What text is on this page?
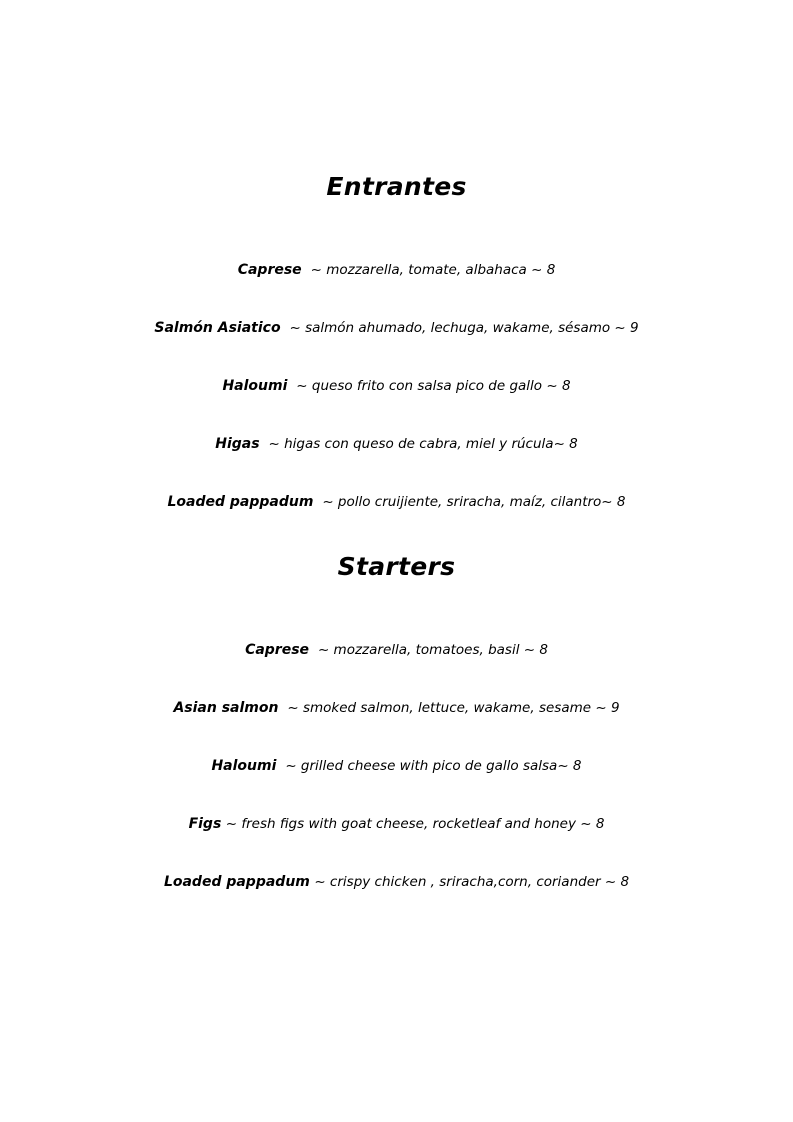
Entrantes

Caprese ~ mozzarella, tomate, albahaca ~ 8

Salmón Asiatico ~ salmón ahumado, lechuga, wakame, sésamo ~ 9

Haloumi ~ queso frito con salsa pico de gallo ~ 8

Higas ~ higas con queso de cabra, miel y rúcula~ 8

Loaded pappadum ~ pollo cruijiente, sriracha, maíz, cilantro~ 8

Starters

Caprese ~ mozzarella, tomatoes, basil ~ 8

Asian salmon ~ smoked salmon, lettuce, wakame, sesame ~ 9

Haloumi ~ grilled cheese with pico de gallo salsa~ 8

Figs ~ fresh figs with goat cheese, rocketleaf and honey ~ 8

Loaded pappadum ~ crispy chicken , sriracha,corn, coriander ~ 8
